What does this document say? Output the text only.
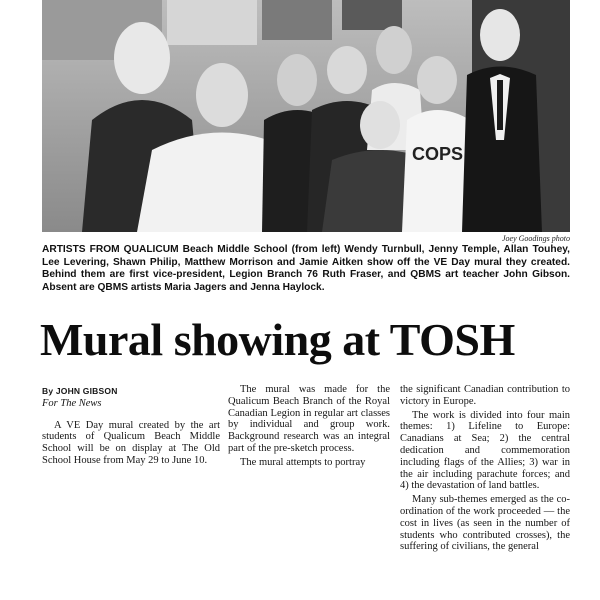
COPS
Joey Goodings photo
ARTISTS FROM QUALICUM Beach Middle School (from left) Wendy Turnbull, Jenny Temple, Allan Touhey, Lee Levering, Shawn Philip, Matthew Morrison and Jamie Aitken show off the VE Day mural they created. Behind them are first vice-president, Legion Branch 76 Ruth Fraser, and QBMS art teacher John Gibson. Absent are QBMS artists Maria Jagers and Jenna Haylock.
Mural showing at TOSH
By JOHN GIBSON
For The News

A VE Day mural created by the art students of Qualicum Beach Middle School will be on display at The Old School House from May 29 to June 10.

The mural was made for the Qualicum Beach Branch of the Royal Canadian Legion in regular art classes by individual and group work. Background research was an integral part of the pre-sketch process.

The mural attempts to portray

the significant Canadian contribution to victory in Europe.

The work is divided into four main themes: 1) Lifeline to Europe: Canadians at Sea; 2) the central dedication and commemoration including flags of the Allies; 3) war in the air including parachute forces; and 4) the devastation of land battles.

Many sub-themes emerged as the co-ordination of the work proceeded — the cost in lives (as seen in the number of students who contributed crosses), the suffering of civilians, the general
